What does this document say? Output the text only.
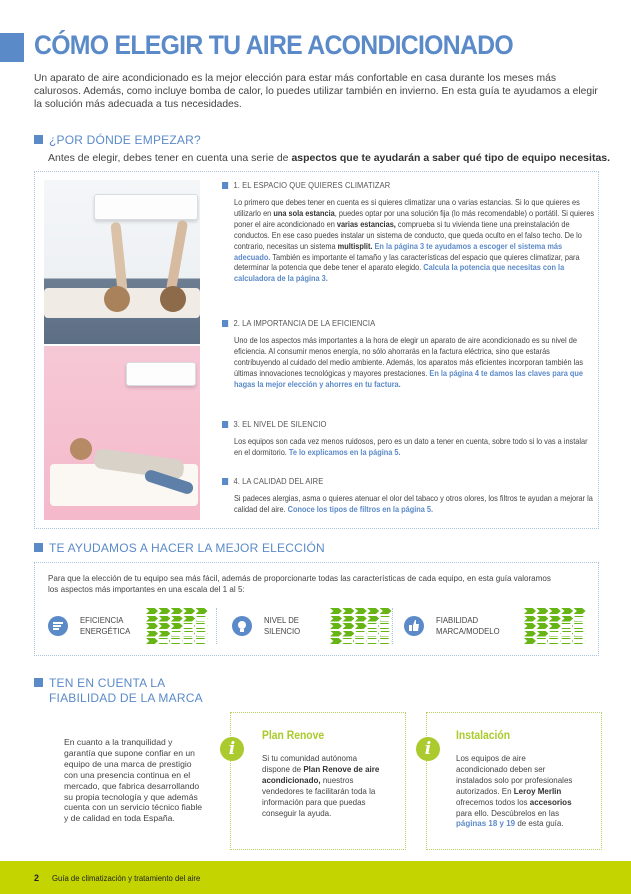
CÓMO ELEGIR TU AIRE ACONDICIONADO

Un aparato de aire acondicionado es la mejor elección para estar más confortable en casa durante los meses más calurosos. Además, como incluye bomba de calor, lo puedes utilizar también en invierno. En esta guía te ayudamos a elegir la solución más adecuada a tus necesidades.

¿POR DÓNDE EMPEZAR?

Antes de elegir, debes tener en cuenta una serie de aspectos que te ayudarán a saber qué tipo de equipo necesitas.

1. EL ESPACIO QUE QUIERES CLIMATIZAR

Lo primero que debes tener en cuenta es si quieres climatizar una o varias estancias. Si lo que quieres es utilizarlo en una sola estancia, puedes optar por una solución fija (lo más recomendable) o portátil. Si quieres poner el aire acondicionado en varias estancias, comprueba si tu vivienda tiene una preinstalación de conductos. En ese caso puedes instalar un sistema de conducto, que queda oculto en el falso techo. De lo contrario, necesitas un sistema multisplit. En la página 3 te ayudamos a escoger el sistema más adecuado. También es importante el tamaño y las características del espacio que quieres climatizar, para determinar la potencia que debe tener el aparato elegido. Calcula la potencia que necesitas con la calculadora de la página 3.

2. LA IMPORTANCIA DE LA EFICIENCIA

Uno de los aspectos más importantes a la hora de elegir un aparato de aire acondicionado es su nivel de eficiencia. Al consumir menos energía, no sólo ahorrarás en la factura eléctrica, sino que estarás contribuyendo al cuidado del medio ambiente. Además, los aparatos más eficientes incorporan también las últimas innovaciones tecnológicas y mayores prestaciones. En la página 4 te damos las claves para que hagas la mejor elección y ahorres en tu factura.

3. EL NIVEL DE SILENCIO

Los equipos son cada vez menos ruidosos, pero es un dato a tener en cuenta, sobre todo si lo vas a instalar en el dormitorio. Te lo explicamos en la página 5.

4. LA CALIDAD DEL AIRE

Si padeces alergias, asma o quieres atenuar el olor del tabaco y otros olores, los filtros te ayudan a mejorar la calidad del aire. Conoce los tipos de filtros en la página 5.

TE AYUDAMOS A HACER LA MEJOR ELECCIÓN

Para que la elección de tu equipo sea más fácil, además de proporcionarte todas las características de cada equipo, en esta guía valoramos los aspectos más importantes en una escala del 1 al 5:

EFICIENCIA
ENERGÉTICA
NIVEL DE
SILENCIO
FIABILIDAD
MARCA/MODELO
TEN EN CUENTA LA
FIABILIDAD DE LA MARCA

En cuanto a la tranquilidad y garantía que supone confiar en un equipo de una marca de prestigio con una presencia continua en el mercado, que fabrica desarrollando su propia tecnología y que además cuenta con un servicio técnico fiable y de calidad en toda España.

i
Plan Renove

Si tu comunidad autónoma dispone de Plan Renove de aire acondicionado, nuestros vendedores te facilitarán toda la información para que puedas conseguir la ayuda.

i
Instalación

Los equipos de aire acondicionado deben ser instalados solo por profesionales autorizados. En Leroy Merlin ofrecemos todos los accesorios para ello. Descúbrelos en las páginas 18 y 19 de esta guía.

2 Guía de climatización y tratamiento del aire
